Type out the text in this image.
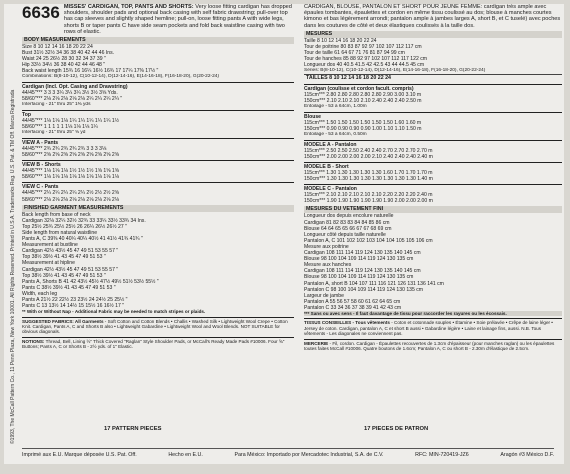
©1993, The McCall Pattern Co., 11 Penn Plaza, New York 10001. All Rights Reserved. Printed in U.S.A. Trademarks Reg. U.S. Pat. & TM Off. Marca Registrada
6636 MISSES' CARDIGAN, TOP, PANTS AND SHORTS: Very loose fitting cardigan has dropped shoulders, shoulder pads and optional back casing with self fabric drawstring; pull-over top has cap sleeves and slightly shaped hemline; pull-on, loose fitting pants A with wide legs, shorts B or taper pants C have side seam pockets and fold back waistline casing with two rows of elastic.
BODY MEASUREMENTS
Size 8 10 12 14 16 18 20 22 24
Bust 31½ 32½ 34 36 38 40 42 44 46 Ins.
Waist 24 25 26½ 28 30 32 34 37 39 "
Hip 33½ 34½ 36 38 40 42 44 46 48 "
Back waist length 15¾ 16 16¼ 16½ 16¾ 17 17¼ 17⅜ 17½ "
Combinations: B(8-10-12), C(10-12-14), D(12-14-16), E(14-16-18), F(16-18-20), G(20-22-24)
Cardigan (Incl. Opt. Casing and Drawstring)
44/45"*** 3 3 3 3¼ 3¼ 3¼ 3½ 3½ 3⅝ Yds.
58/60"*** 2⅛ 2⅛ 2⅛ 2⅛ 2⅛ 2¼ 2¼ 2¼ 2¼ "
Interfacing - 21" thru 25" 1⅜ yds
Top
44/45"*** 1⅛ 1⅛ 1⅛ 1¼ 1¼ 1¼ 1¼ 1¼ 1½
58/60"*** 1 1 1 1 1 1⅛ 1⅛ 1⅛ 1¼
Interfacing - 21" thru 25" ⅝ yd
VIEW A - Pants
44/45"*** 2¾ 2¾ 2¾ 2¾ 2¾ 3 3 3 3⅛
58/60"*** 2⅝ 2⅝ 2⅝ 2⅝ 2⅝ 2⅝ 2⅝ 2⅝ 2⅝
VIEW B - Shorts
44/45"*** 1⅛ 1⅛ 1⅛ 1½ 1½ 1½ 1⅝ 1⅝ 1⅝
58/60"*** 1⅛ 1⅛ 1⅛ 1⅛ 1⅛ 1⅛ 1⅛ 1⅛ 1⅛
VIEW C - Pants
44/45"*** 2¼ 2¼ 2¼ 2¼ 2¼ 2½ 2½ 2½ 2⅝
58/60"*** 2⅛ 2⅛ 2⅛ 2⅛ 2⅛ 2⅛ 2⅛ 2⅛ 2⅛
FINISHED GARMENT MEASUREMENTS
Back length from base of neck
Cardigan 32⅛ 32¼ 32½ 32¾ 33 33¼ 33½ 33¾ 34 Ins.
Top 25½ 25¾ 25½ 25½ 26 26¼ 26½ 26½ 27 "
Side length from natural waistline
Pants A, C 39⅜ 40 40¼ 40¼ 40½ 41 41½ 41¾ 41¾ "
Measurement at bustline
Cardigan 42½ 43½ 45 47 49 51 53 55 57 "
Top 38½ 39½ 41 43 45 47 49 51 53 "
Measurement at hipline
Cardigan 42½ 43½ 45 47 49 51 53 55 57 "
Top 38½ 39½ 41 43 45 47 49 51 53 "
Pants A, Shorts B 41 42 43½ 45½ 47½ 49½ 51½ 53½ 55½ "
Pants C 38½ 39½ 41 43 45 47 49 51 53 "
Width, each leg
Pants A 21½ 22 22½ 23 23½ 24 24½ 25 25½ "
Pants C 13 13½ 14 14½ 15 15½ 16 16½ 17 "
** With or Without Nap - Additional Fabric may be needed to match stripes or plaids.
SUGGESTED FABRICS: All Garments - Soft Cotton and Cotton Blends • Challis • Washed Silk • Lightweight Wool Crepe • Cotton Knit. Cardigan, Pants A, C and Shorts B also • Lightweight Gabardine • Lightweight Wool and Wool Blends. NOT SUITABLE for obvious diagonals.
NOTIONS: Thread, Bell, Lining ½" Thick Covered "Raglan" Style Shoulder Pads, or McCall's Ready Made Pads #10006. Four ⅝" Buttons; Pants A, C or Shorts B - 2½ yds. of 1" Elastic.
17 PATTERN PIECES
CARDIGAN, BLOUSE, PANTALON ET SHORT POUR JEUNE FEMME: cardigan très ample avec épaules tombantes, épaulettes et cordon en même tissu coulissé au dos; blouse à manches courtes kimono et bas légèrement arrondi; pantalon ample à jambes larges A, short B, et C tuselé) avec poches dans les coutures de côté et deux élastiques coulissés à la taille dos.
MESURES
Taille 8 10 12 14 16 18 20 22 24
Tour de poitrine 80 83 87 92 97 102 107 112 117 cm
Tour de taille 61 64 67 71 76 81 87 94 99 cm
Tour de hanches 85 88 92 97 102 107 112 117 122 cm
Longueur dos 40 40.5 41.5 42 42.5 43 44 44.5 45 cm
Séries: B(8-10-12), C(10-12-14), D(12-14-16), E(14-16-18), F(16-18-20), G(20-22-24)
TAILLES 8 10 12 14 16 18 20 22 24
Cardigan (coulisse et cordon facult. compris)
115cm*** 2.80 2.80 2.80 2.80 2.80 2.90 3.00 3.10 m
150cm*** 2.10 2.10 2.10 2.10 2.40 2.40 2.40 2.50 m
Entoilage - 53 à 64cm, 1.00m
Blouse
115cm*** 1.50 1.50 1.50 1.50 1.50 1.50 1.60 1.60 m
150cm*** 0.90 0.90 0.90 0.90 1.00 1.10 1.10 1.50 m
Entoilage - 53 à 64cm, 0.50m
MODELE A - Pantalon
115cm*** 2.50 2.50 2.50 2.40 2.40 2.70 2.70 2.70 2.70 m
150cm*** 2.00 2.00 2.00 2.00 2.10 2.40 2.40 2.40 2.40 m
MODELE B - Short
115cm*** 1.30 1.30 1.30 1.30 1.30 1.60 1.70 1.70 1.70 m
150cm*** 1.30 1.30 1.30 1.30 1.30 1.30 1.30 1.30 1.40 m
MODELE C - Pantalon
115cm*** 2.10 2.10 2.10 2.10 2.10 2.20 2.20 2.20 2.40 m
150cm*** 1.90 1.90 1.90 1.90 1.90 1.90 2.00 2.00 2.00 m
MESURES DU VETEMENT FINI
Longueur dos depuis encolure naturelle
Cardigan 81 82 83 83 84 84 85 86 cm
Blouse 64 64 65 65 66 67 67 68 69 cm
Longueur côté depuis taille naturelle
Pantalon A, C 101 102 102 103 104 104 105 105 106 cm
Mesure aux poitrine
Cardigan 108 111 114 119 124 130 135 140 145 cm
Blouse 98 100 104 109 114 119 124 130 135 cm
Mesure aux hanches
Cardigan 108 111 114 119 124 130 135 140 145 cm
Blouse 98 100 104 109 114 119 124 130 135 cm
Pantalon A, short B 104 107 111 116 121 126 131 136 141 cm
Pantalon C 98 100 104 109 114 119 124 130 135 cm
Largeur de jambe
Pantalon A 55 56 57 58 60 61 62 64 65 cm
Pantalon C 33 34 36 37 38 39 41 42 43 cm
*** Sans ou avec sens - Il faut davantage de tissu pour raccorder les rayures ou les écossais.
TISSUS CONSEILLES - Tous vêtements - Coton et cotonnade souples • Étamine • Soie prélavée • Crêpe de laine léger • Jersey de coton. Cardigan, pantalon A, C et short B aussi • Gabardine légère • Laine et lainage fins, aussi. N.B. Tous vêtements - Les diagonales ne conviennent pas.
MERCERIE - Fil, cordon. Cardigan - Épaulettes recouvertes de 1.3cm d'épaisseur (pour manches raglan) ou les épaulettes toutes faites McCall #10006. Quatre boutons de 1.6cm; Pantalon A, C ou short B - 2.30m d'élastique de 2.5cm.
17 PIECES DE PATRON
Imprimé aux E.U. Marque déposée U.S. Pat. Off.	Hecho en E.U.	Para México: Importado por Mercadotec Industrial, S.A. de C.V.	RFC: MIN-720419-JZ6	Aragón #3 México D.F.
